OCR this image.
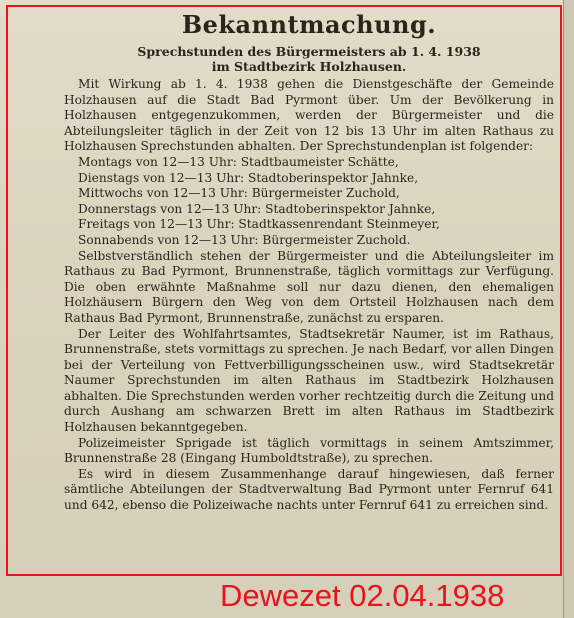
Bekanntmachung.

Sprechstunden des Bürgermeisters ab 1. 4. 1938

im Stadtbezirk Holzhausen.

Mit Wirkung ab 1. 4. 1938 gehen die Dienstgeschäfte der Gemeinde Holzhausen auf die Stadt Bad Pyrmont über. Um der Bevölkerung in Holzhausen entgegenzukommen, werden der Bürgermeister und die Abteilungsleiter täglich in der Zeit von 12 bis 13 Uhr im alten Rathaus zu Holzhausen Sprechstunden abhalten. Der Sprechstundenplan ist folgender:

Montags von 12—13 Uhr: Stadtbaumeister Schätte,
Dienstags von 12—13 Uhr: Stadtoberinspektor Jahnke,
Mittwochs von 12—13 Uhr: Bürgermeister Zuchold,
Donnerstags von 12—13 Uhr: Stadtoberinspektor Jahnke,
Freitags von 12—13 Uhr: Stadtkassenrendant Steinmeyer,
Sonnabends von 12—13 Uhr: Bürgermeister Zuchold.

Selbstverständlich stehen der Bürgermeister und die Abteilungsleiter im Rathaus zu Bad Pyrmont, Brunnenstraße, täglich vormittags zur Verfügung. Die oben erwähnte Maßnahme soll nur dazu dienen, den ehemaligen Holzhäusern Bürgern den Weg von dem Ortsteil Holzhausen nach dem Rathaus Bad Pyrmont, Brunnenstraße, zunächst zu ersparen.

Der Leiter des Wohlfahrtsamtes, Stadtsekretär Naumer, ist im Rathaus, Brunnenstraße, stets vormittags zu sprechen. Je nach Bedarf, vor allen Dingen bei der Verteilung von Fettverbilligungsscheinen usw., wird Stadtsekretär Naumer Sprechstunden im alten Rathaus im Stadtbezirk Holzhausen abhalten. Die Sprechstunden werden vorher rechtzeitig durch die Zeitung und durch Aushang am schwarzen Brett im alten Rathaus im Stadtbezirk Holzhausen bekanntgegeben.

Polizeimeister Sprigade ist täglich vormittags in seinem Amtszimmer, Brunnenstraße 28 (Eingang Humboldtstraße), zu sprechen.

Es wird in diesem Zusammenhange darauf hingewiesen, daß ferner sämtliche Abteilungen der Stadtverwaltung Bad Pyrmont unter Fernruf 641 und 642, ebenso die Polizeiwache nachts unter Fernruf 641 zu erreichen sind.

Dewezet 02.04.1938
